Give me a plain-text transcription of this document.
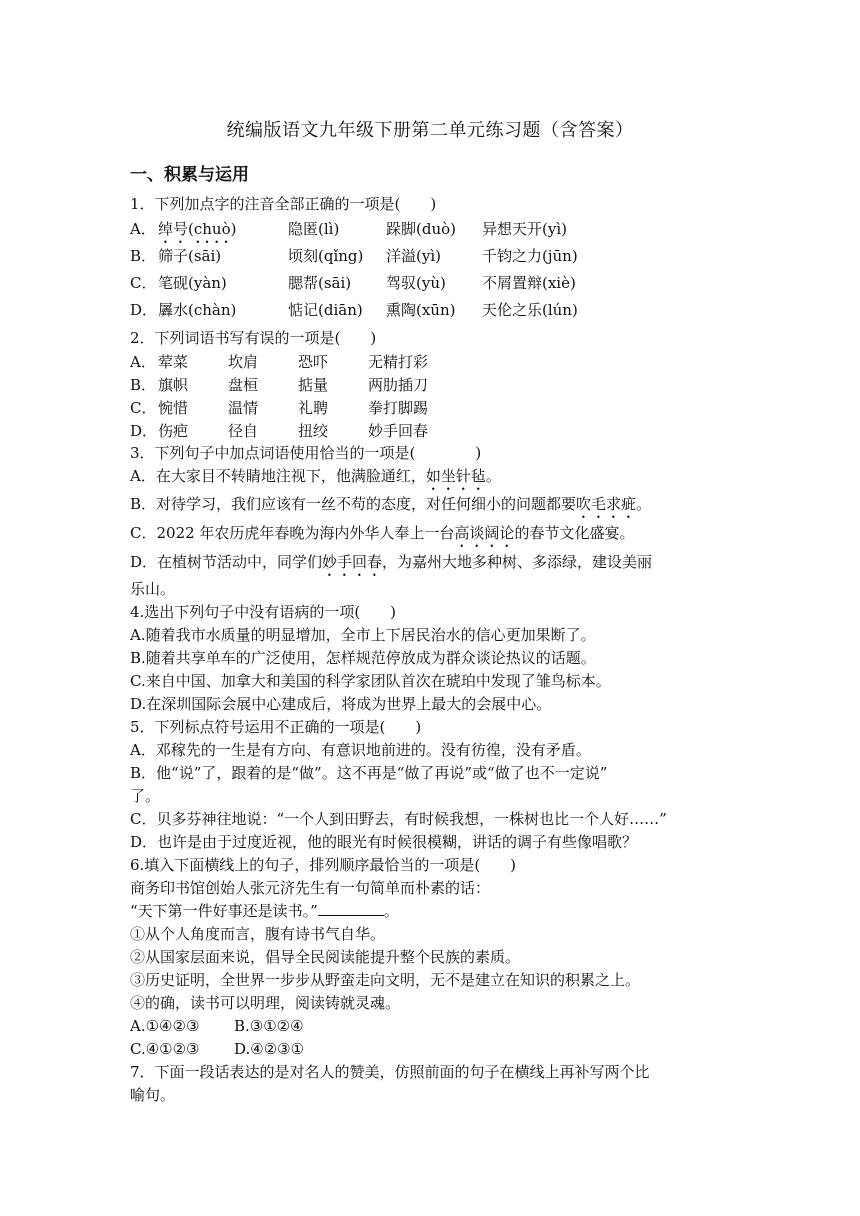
统编版语文九年级下册第二单元练习题（含答案）
一、积累与运用
1．下列加点字的注音全部正确的一项是(　　)
A． 绰号(chuò)	隐匿(lì)	跺脚(duò) 异想天开(yì)
B． 筛子(sāi)	顷刻(qǐng) 洋溢(yì)	千钧之力(jūn)
C． 笔砚(yàn)	腮帮(sāi) 驾驭(yù) 不屑置辩(xiè)
D．羼水(chàn)	惦记(diān) 熏陶(xūn) 天伦之乐(lún)
2．下列词语书写有误的一项是(　　)
A． 荤菜	坎肩	恐吓	无精打彩
B． 旗帜	盘桓	掂量	两肋插刀
C． 惋惜	温情	礼聘	拳打脚踢
D．伤疤	径自	扭绞	妙手回春
3．下列句子中加点词语使用恰当的一项是(　　　　)
A．在大家目不转睛地注视下，他满脸通红，如坐针毡。
B．对待学习，我们应该有一丝不苟的态度，对任何细小的问题都要吹毛求疵。
C．2022 年农历虎年春晚为海内外华人奉上一台高谈阔论的春节文化盛宴。
D．在植树节活动中，同学们妙手回春，为嘉州大地多种树、多添绿，建设美丽
乐山。
4.选出下列句子中没有语病的一项(　　)
A.随着我市水质量的明显增加，全市上下居民治水的信心更加果断了。
B.随着共享单车的广泛使用，怎样规范停放成为群众谈论热议的话题。
C.来自中国、加拿大和美国的科学家团队首次在琥珀中发现了雏鸟标本。
D.在深圳国际会展中心建成后，将成为世界上最大的会展中心。
5．下列标点符号运用不正确的一项是(　　)
A．邓稼先的一生是有方向、有意识地前进的。没有彷徨，没有矛盾。
B．他“说”了，跟着的是“做”。这不再是“做了再说”或“做了也不一定说”
了。
C．贝多芬神往地说：“一个人到田野去，有时候我想，一株树也比一个人好……”
D．也许是由于过度近视，他的眼光有时候很模糊，讲话的调子有些像唱歌？
6.填入下面横线上的句子，排列顺序最恰当的一项是(　　)
商务印书馆创始人张元济先生有一句简单而朴素的话：
“天下第一件好事还是读书。”	。
①从个人角度而言，腹有诗书气自华。
②从国家层面来说，倡导全民阅读能提升整个民族的素质。
③历史证明，全世界一步步从野蛮走向文明，无不是建立在知识的积累之上。
④的确，读书可以明理，阅读铸就灵魂。
A.①④②③ B.③①②④
C.④①②③ D.④②③①
7．下面一段话表达的是对名人的赞美，仿照前面的句子在横线上再补写两个比
喻句。
